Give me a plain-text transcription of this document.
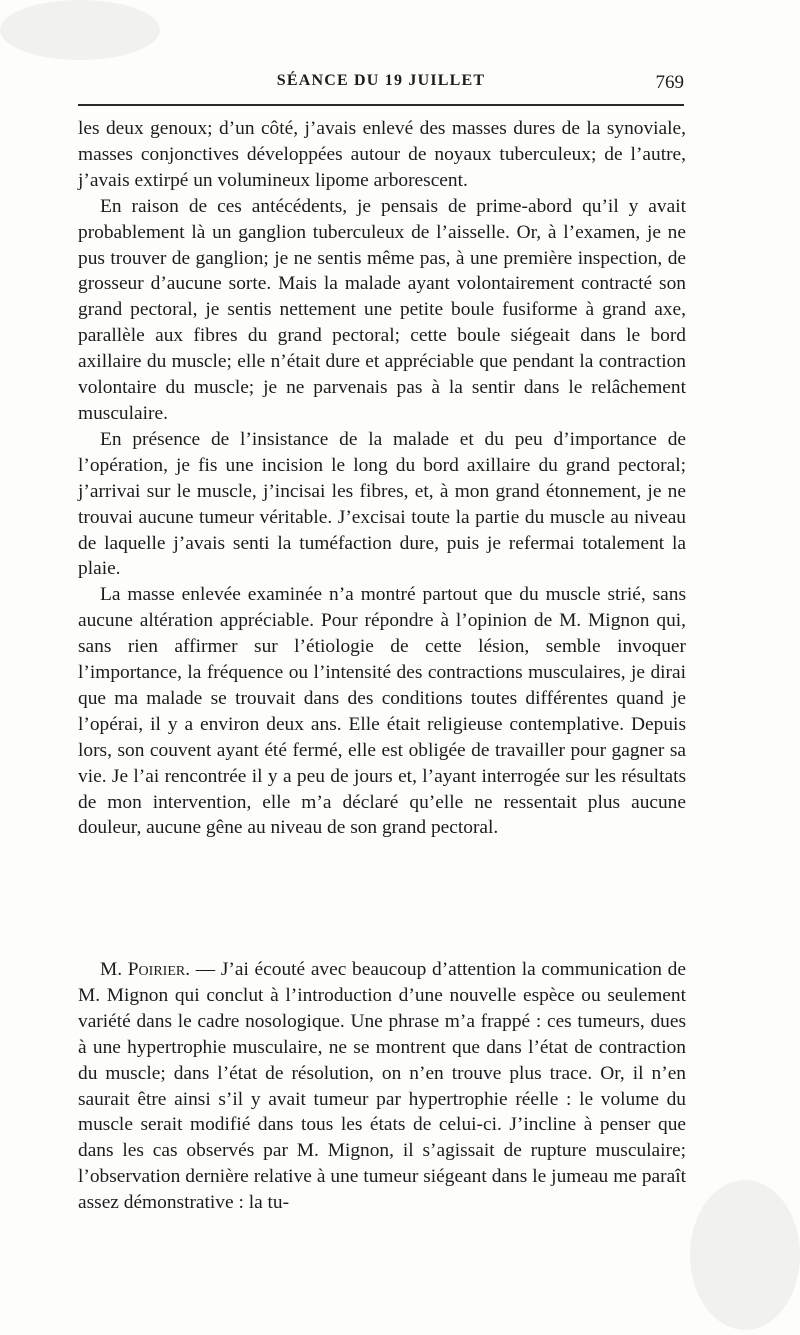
SÉANCE DU 19 JUILLET	769

les deux genoux; d’un côté, j’avais enlevé des masses dures de la synoviale, masses conjonctives développées autour de noyaux tuberculeux; de l’autre, j’avais extirpé un volumineux lipome arborescent.

En raison de ces antécédents, je pensais de prime-abord qu’il y avait probablement là un ganglion tuberculeux de l’aisselle. Or, à l’examen, je ne pus trouver de ganglion; je ne sentis même pas, à une première inspection, de grosseur d’aucune sorte. Mais la malade ayant volontairement contracté son grand pectoral, je sentis nettement une petite boule fusiforme à grand axe, parallèle aux fibres du grand pectoral; cette boule siégeait dans le bord axillaire du muscle; elle n’était dure et appréciable que pendant la contraction volontaire du muscle; je ne parvenais pas à la sentir dans le relâchement musculaire.

En présence de l’insistance de la malade et du peu d’importance de l’opération, je fis une incision le long du bord axillaire du grand pectoral; j’arrivai sur le muscle, j’incisai les fibres, et, à mon grand étonnement, je ne trouvai aucune tumeur véritable. J’excisai toute la partie du muscle au niveau de laquelle j’avais senti la tuméfaction dure, puis je refermai totalement la plaie.

La masse enlevée examinée n’a montré partout que du muscle strié, sans aucune altération appréciable. Pour répondre à l’opinion de M. Mignon qui, sans rien affirmer sur l’étiologie de cette lésion, semble invoquer l’importance, la fréquence ou l’intensité des contractions musculaires, je dirai que ma malade se trouvait dans des conditions toutes différentes quand je l’opérai, il y a environ deux ans. Elle était religieuse contemplative. Depuis lors, son couvent ayant été fermé, elle est obligée de travailler pour gagner sa vie. Je l’ai rencontrée il y a peu de jours et, l’ayant interrogée sur les résultats de mon intervention, elle m’a déclaré qu’elle ne ressentait plus aucune douleur, aucune gêne au niveau de son grand pectoral.

M. Poirier. — J’ai écouté avec beaucoup d’attention la communication de M. Mignon qui conclut à l’introduction d’une nouvelle espèce ou seulement variété dans le cadre nosologique. Une phrase m’a frappé : ces tumeurs, dues à une hypertrophie musculaire, ne se montrent que dans l’état de contraction du muscle; dans l’état de résolution, on n’en trouve plus trace. Or, il n’en saurait être ainsi s’il y avait tumeur par hypertrophie réelle : le volume du muscle serait modifié dans tous les états de celui-ci. J’incline à penser que dans les cas observés par M. Mignon, il s’agissait de rupture musculaire; l’observation dernière relative à une tumeur siégeant dans le jumeau me paraît assez démonstrative : la tu-
